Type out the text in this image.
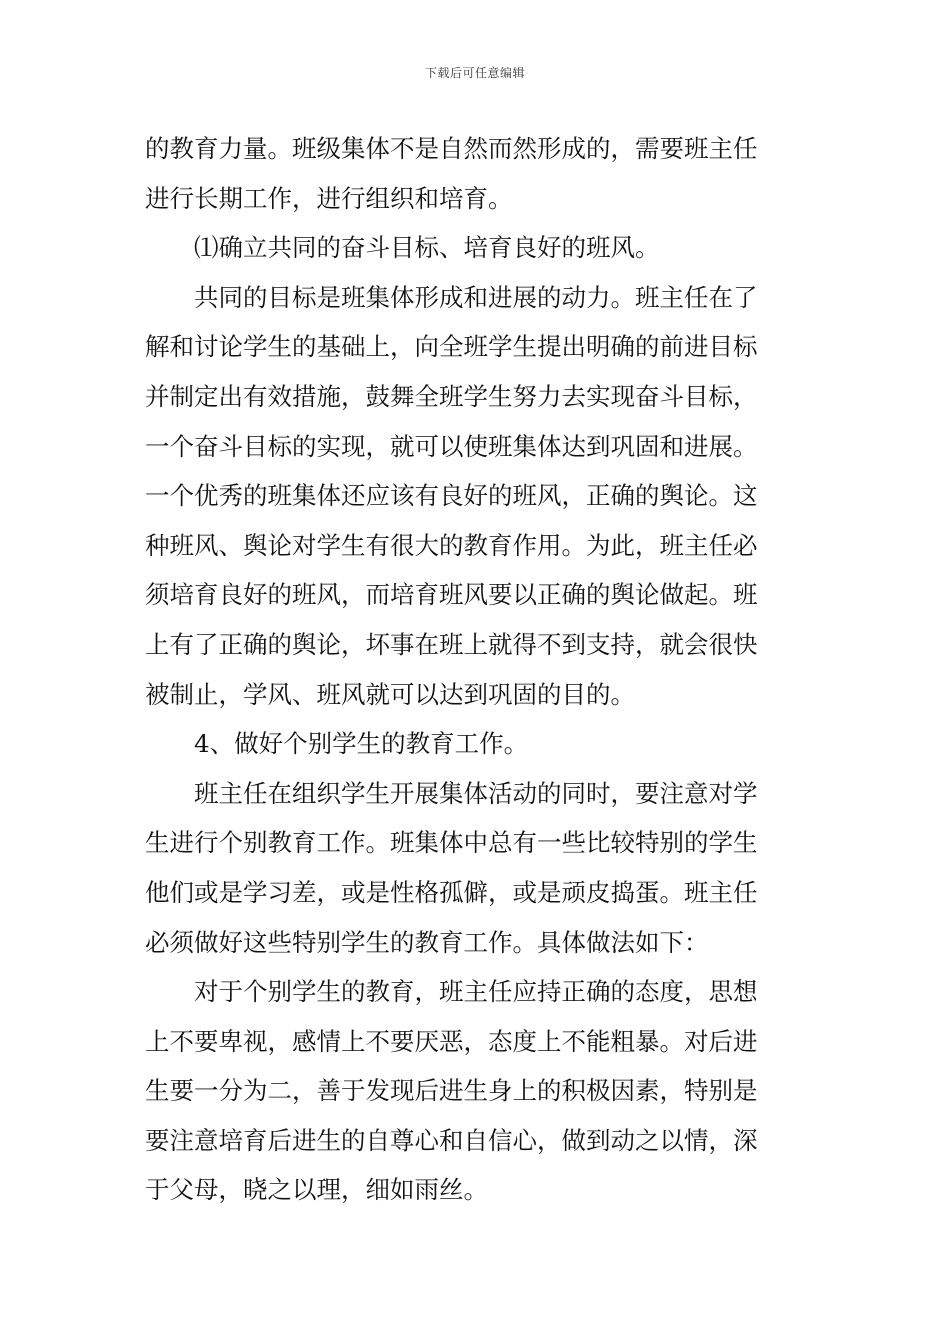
下载后可任意编辑
的教育力量。班级集体不是自然而然形成的，需要班主任
进行长期工作，进行组织和培育。
⑴确立共同的奋斗目标、培育良好的班风。
共同的目标是班集体形成和进展的动力。班主任在了
解和讨论学生的基础上，向全班学生提出明确的前进目标
并制定出有效措施，鼓舞全班学生努力去实现奋斗目标，
一个奋斗目标的实现，就可以使班集体达到巩固和进展。
一个优秀的班集体还应该有良好的班风，正确的舆论。这
种班风、舆论对学生有很大的教育作用。为此，班主任必
须培育良好的班风，而培育班风要以正确的舆论做起。班
上有了正确的舆论，坏事在班上就得不到支持，就会很快
被制止，学风、班风就可以达到巩固的目的。
4、做好个别学生的教育工作。
班主任在组织学生开展集体活动的同时，要注意对学
生进行个别教育工作。班集体中总有一些比较特别的学生
他们或是学习差，或是性格孤僻，或是顽皮捣蛋。班主任
必须做好这些特别学生的教育工作。具体做法如下：
对于个别学生的教育，班主任应持正确的态度，思想
上不要卑视，感情上不要厌恶，态度上不能粗暴。对后进
生要一分为二，善于发现后进生身上的积极因素，特别是
要注意培育后进生的自尊心和自信心，做到动之以情，深
于父母，晓之以理，细如雨丝。
